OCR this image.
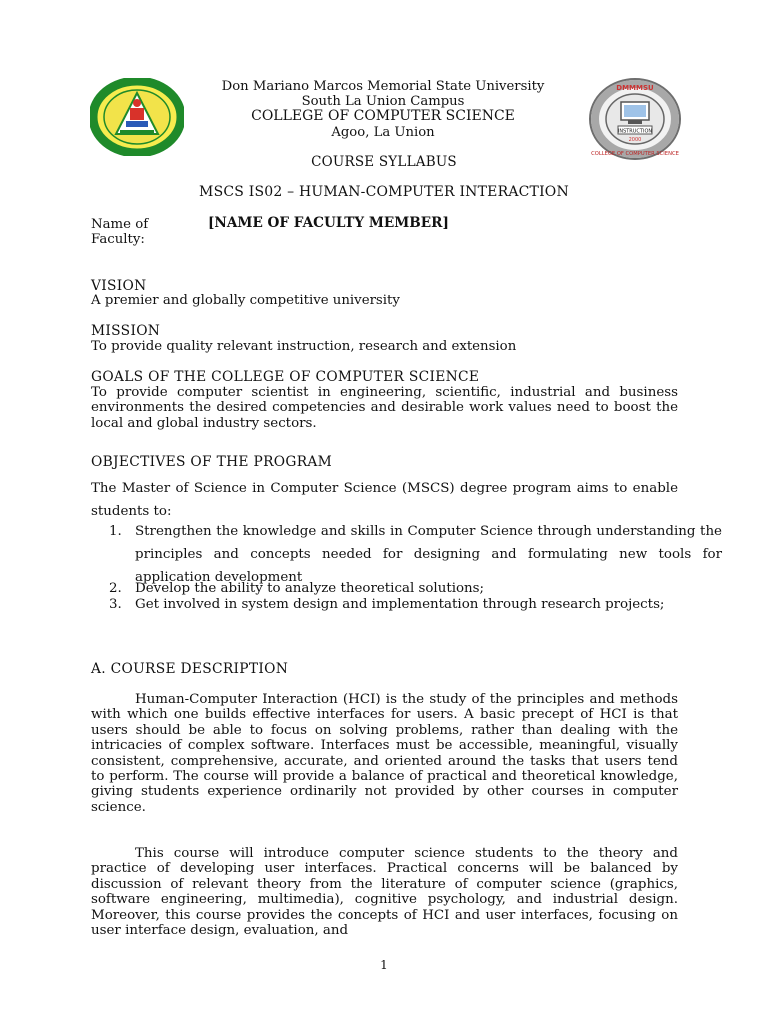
INSTRUCTION
2000
DMMMSU
COLLEGE OF COMPUTER SCIENCE
Don Mariano Marcos Memorial State University
South La Union Campus
COLLEGE OF COMPUTER SCIENCE
Agoo, La Union
COURSE SYLLABUS
MSCS IS02 – HUMAN-COMPUTER INTERACTION
Name of
Faculty:
[NAME OF FACULTY MEMBER]
VISION
A premier and globally competitive university
MISSION
To provide quality relevant instruction, research and extension
GOALS OF THE COLLEGE OF COMPUTER SCIENCE
To provide computer scientist in engineering, scientific, industrial and business environments the desired competencies and desirable work values need to boost the local and global industry sectors.
OBJECTIVES OF THE PROGRAM
The Master of Science in Computer Science (MSCS) degree program aims to enable students to:
1. Strengthen the knowledge and skills in Computer Science through understanding the principles and concepts needed for designing and formulating new tools for application development
2. Develop the ability to analyze theoretical solutions;
3. Get involved in system design and implementation through research projects;
A. COURSE DESCRIPTION
Human-Computer Interaction (HCI) is the study of the principles and methods with which one builds effective interfaces for users. A basic precept of HCI is that users should be able to focus on solving problems, rather than dealing with the intricacies of complex software. Interfaces must be accessible, meaningful, visually consistent, comprehensive, accurate, and oriented around the tasks that users tend to perform. The course will provide a balance of practical and theoretical knowledge, giving students experience ordinarily not provided by other courses in computer science.
This course will introduce computer science students to the theory and practice of developing user interfaces. Practical concerns will be balanced by discussion of relevant theory from the literature of computer science (graphics, software engineering, multimedia), cognitive psychology, and industrial design. Moreover, this course provides the concepts of HCI and user interfaces, focusing on user interface design, evaluation, and
1
